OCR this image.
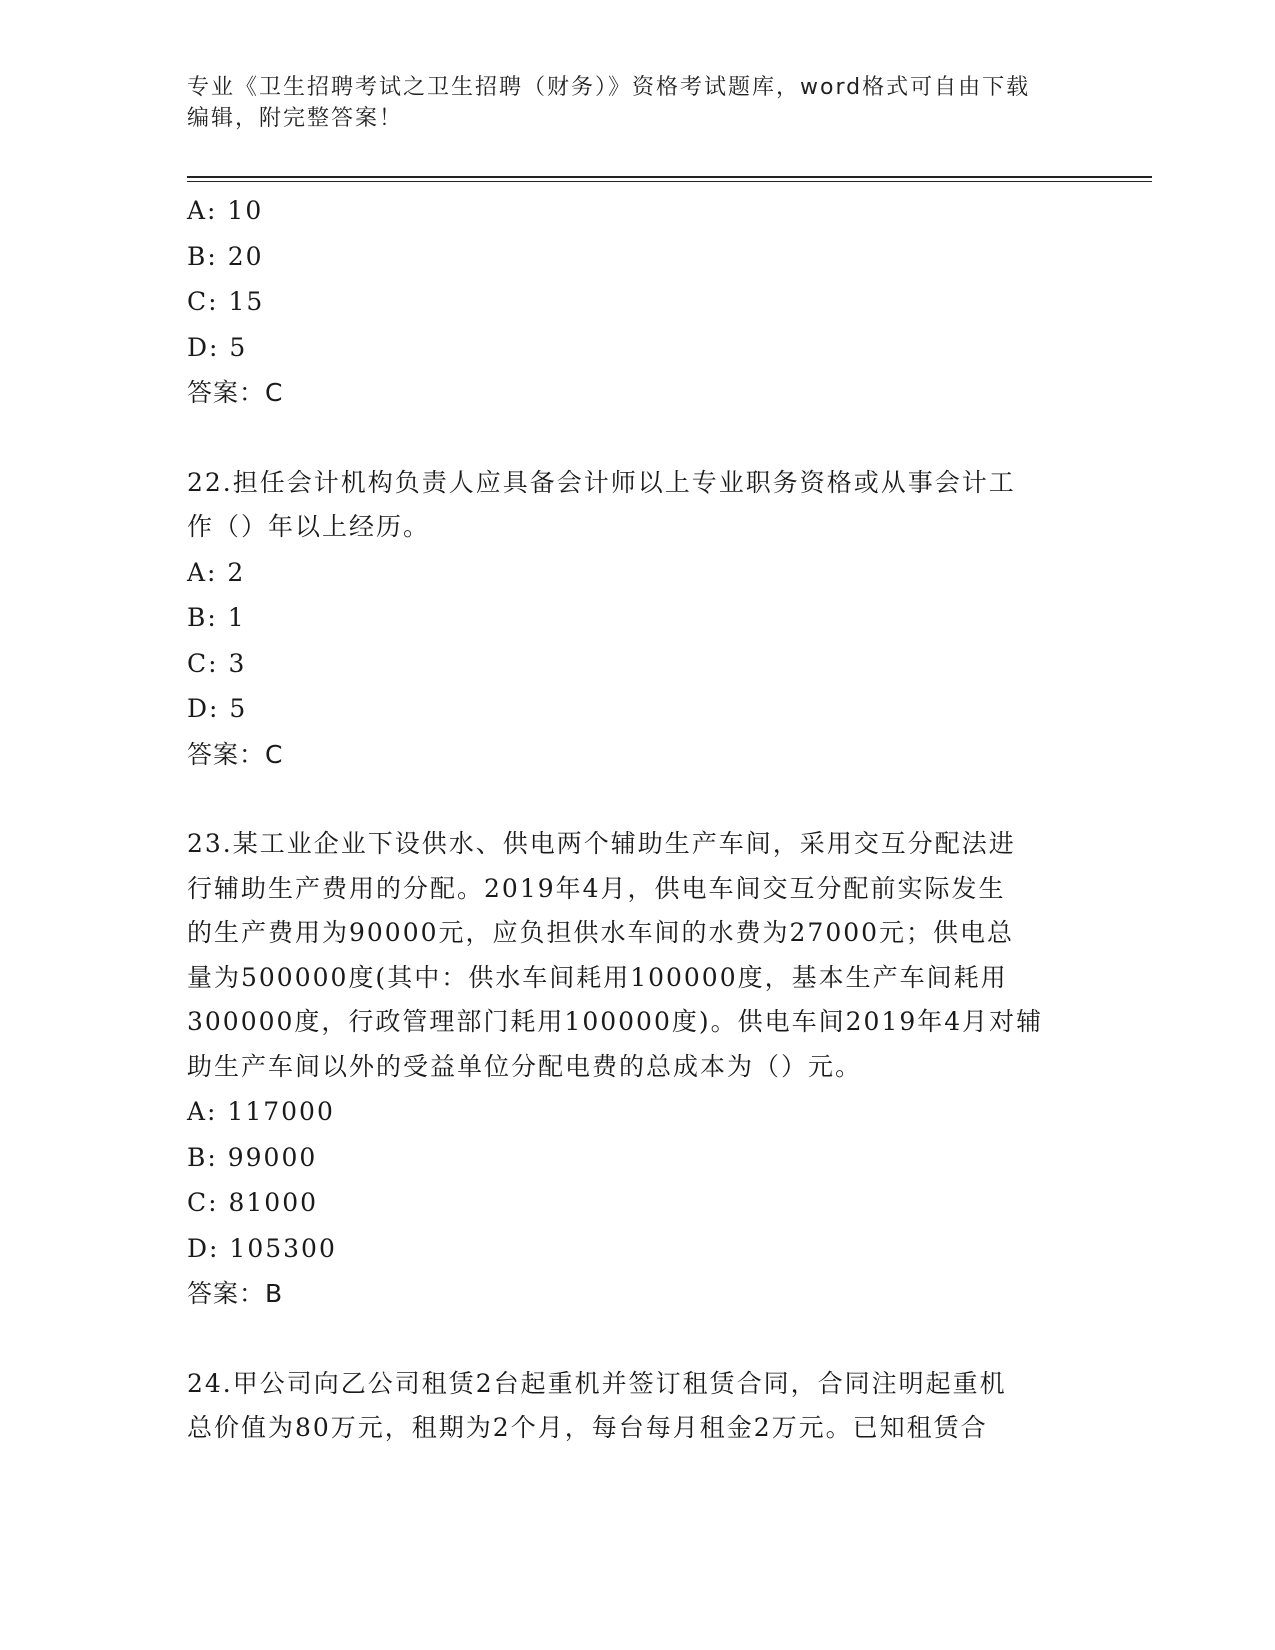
专业《卫生招聘考试之卫生招聘（财务）》资格考试题库，word格式可自由下载
编辑，附完整答案！
A: 10
B: 20
C: 15
D: 5
答案：C
22.担任会计机构负责人应具备会计师以上专业职务资格或从事会计工
作（）年以上经历。
A: 2
B: 1
C: 3
D: 5
答案：C
23.某工业企业下设供水、供电两个辅助生产车间，采用交互分配法进
行辅助生产费用的分配。2019年4月，供电车间交互分配前实际发生
的生产费用为90000元，应负担供水车间的水费为27000元；供电总
量为500000度(其中：供水车间耗用100000度，基本生产车间耗用
300000度，行政管理部门耗用100000度)。供电车间2019年4月对辅
助生产车间以外的受益单位分配电费的总成本为（）元。
A: 117000
B: 99000
C: 81000
D: 105300
答案：B
24.甲公司向乙公司租赁2台起重机并签订租赁合同，合同注明起重机
总价值为80万元，租期为2个月，每台每月租金2万元。已知租赁合
